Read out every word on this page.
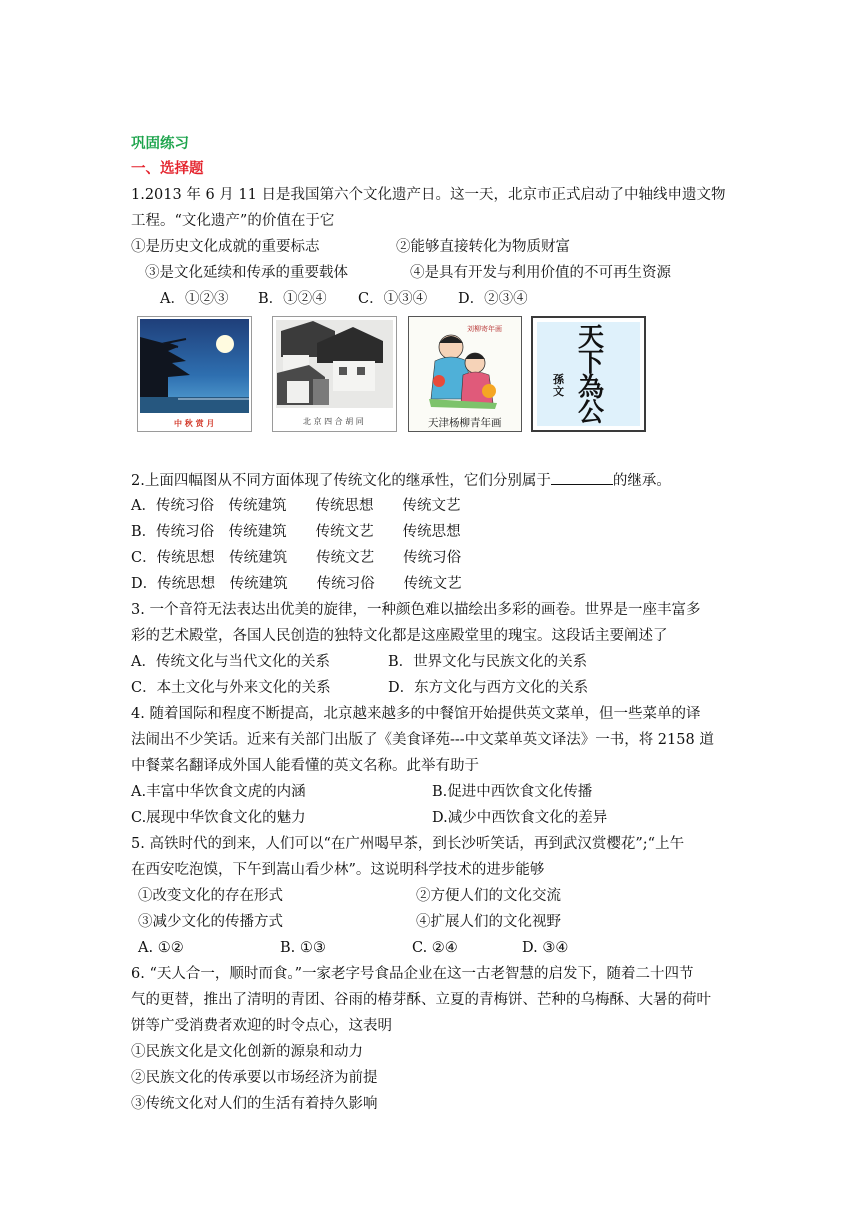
巩固练习
一、选择题
1.2013 年 6 月 11 日是我国第六个文化遗产日。这一天，北京市正式启动了中轴线申遗文物
工程。“文化遗产”的价值在于它
①是历史文化成就的重要标志	②能够直接转化为物质财富
③是文化延续和传承的重要载体	④是具有开发与利用价值的不可再生资源
A．①②③ B．①②④ C．①③④ D．②③④
中 秋 赏 月	北 京 四 合 胡 同
刘柳寄年画
天津杨柳青年画
天下為公
孫文
2.上面四幅图从不同方面体现了传统文化的继承性，它们分别属于	的继承。
A．传统习俗　传统建筑　　传统思想　　传统文艺
B．传统习俗　传统建筑　　传统文艺　　传统思想
C．传统思想　传统建筑　　传统文艺　　传统习俗
D．传统思想　传统建筑　　传统习俗　　传统文艺
3. 一个音符无法表达出优美的旋律，一种颜色难以描绘出多彩的画卷。世界是一座丰富多
彩的艺术殿堂，各国人民创造的独特文化都是这座殿堂里的瑰宝。这段话主要阐述了
A．传统文化与当代文化的关系	B．世界文化与民族文化的关系
C．本土文化与外来文化的关系	D．东方文化与西方文化的关系
4. 随着国际和程度不断提高，北京越来越多的中餐馆开始提供英文菜单，但一些菜单的译
法闹出不少笑话。近来有关部门出版了《美食译苑---中文菜单英文译法》一书，将 2158 道
中餐菜名翻译成外国人能看懂的英文名称。此举有助于
A.丰富中华饮食文虎的内涵	B.促进中西饮食文化传播
C.展现中华饮食文化的魅力	D.减少中西饮食文化的差异
5. 高铁时代的到来，人们可以“在广州喝早茶，到长沙听笑话，再到武汉赏樱花”;“上午
在西安吃泡馍，下午到嵩山看少林”。这说明科学技术的进步能够
①改变文化的存在形式	②方便人们的文化交流
③减少文化的传播方式	④扩展人们的文化视野
A. ①②	B. ①③	C. ②④	D. ③④
6. “天人合一，顺时而食。”一家老字号食品企业在这一古老智慧的启发下，随着二十四节
气的更替，推出了清明的青团、谷雨的椿芽酥、立夏的青梅饼、芒种的乌梅酥、大暑的荷叶
饼等广受消费者欢迎的时令点心，这表明
①民族文化是文化创新的源泉和动力
②民族文化的传承要以市场经济为前提
③传统文化对人们的生活有着持久影响
